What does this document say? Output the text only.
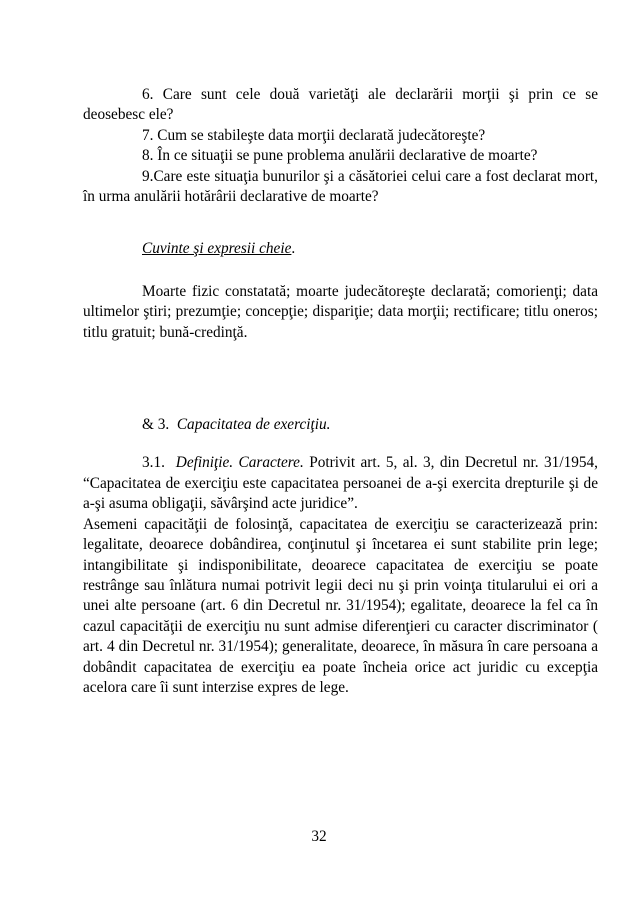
6. Care sunt cele două varietăţi ale declarării morţii şi prin ce se deosebesc ele?

7. Cum se stabileşte data morţii declarată judecătoreşte?

8. În ce situaţii se pune problema anulării declarative de moarte?

9.Care este situaţia bunurilor şi a căsătoriei celui care a fost declarat mort, în urma anulării hotărârii declarative de moarte?

Cuvinte şi expresii cheie.

Moarte fizic constatată; moarte judecătoreşte declarată; comorienţi; data ultimelor ştiri; prezumţie; concepţie; dispariţie; data morţii; rectificare; titlu oneros; titlu gratuit; bună-credinţă.

& 3. Capacitatea de exerciţiu.

3.1. Definiţie. Caractere. Potrivit art. 5, al. 3, din Decretul nr. 31/1954, “Capacitatea de exerciţiu este capacitatea persoanei de a-şi exercita drepturile şi de a-şi asuma obligaţii, săvârşind acte juridice”.

Asemeni capacităţii de folosinţă, capacitatea de exerciţiu se caracterizează prin: legalitate, deoarece dobândirea, conţinutul şi încetarea ei sunt stabilite prin lege; intangibilitate şi indisponibilitate, deoarece capacitatea de exerciţiu se poate restrânge sau înlătura numai potrivit legii deci nu şi prin voinţa titularului ei ori a unei alte persoane (art. 6 din Decretul nr. 31/1954); egalitate, deoarece la fel ca în cazul capacităţii de exerciţiu nu sunt admise diferenţieri cu caracter discriminator ( art. 4 din Decretul nr. 31/1954); generalitate, deoarece, în măsura în care persoana a dobândit capacitatea de exerciţiu ea poate încheia orice act juridic cu excepţia acelora care îi sunt interzise expres de lege.

32
